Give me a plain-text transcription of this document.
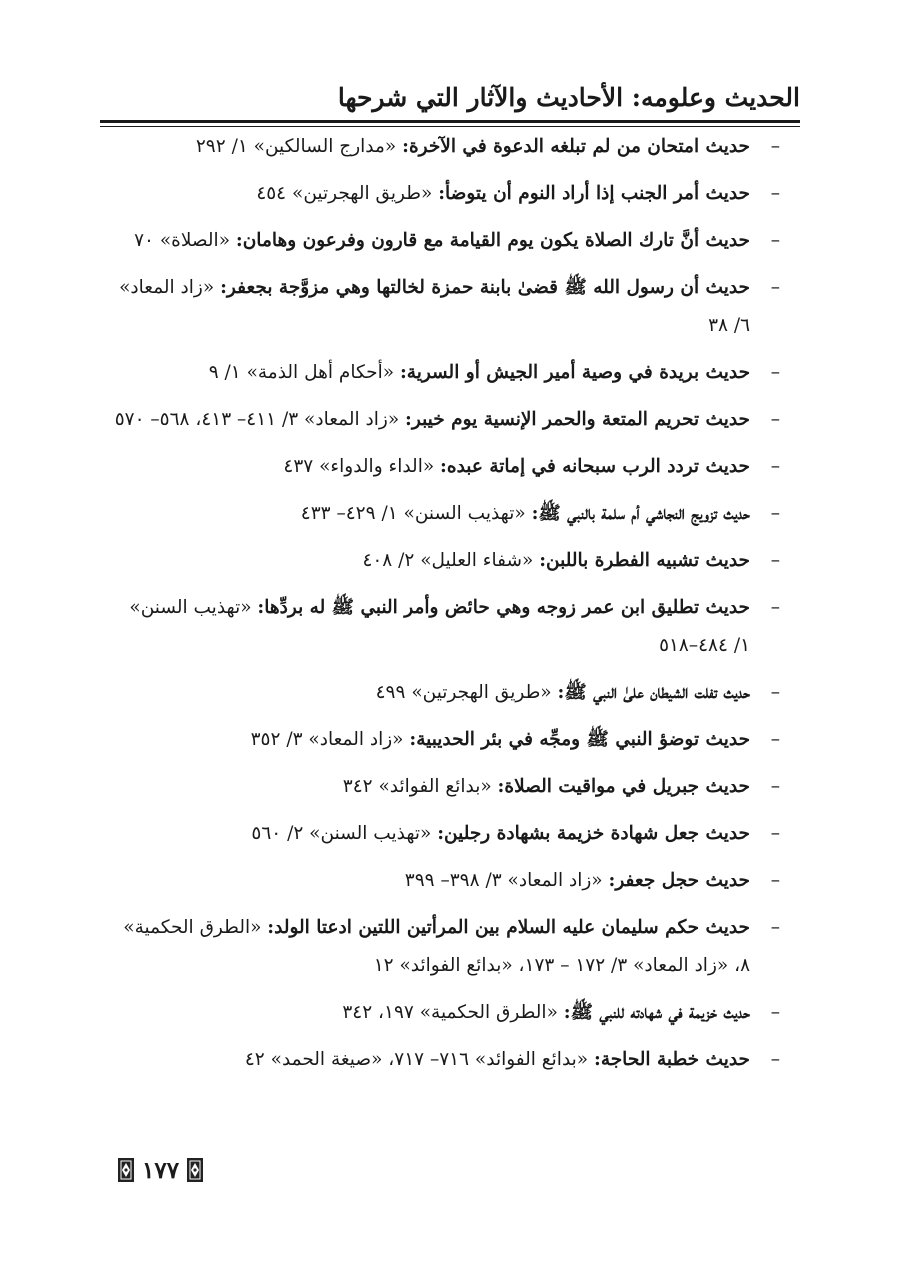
الحديث وعلومه: الأحاديث والآثار التي شرحها
–
حديث امتحان من لم تبلغه الدعوة في الآخرة: «مدارج السالكين» ١/ ٢٩٢
–
حديث أمر الجنب إذا أراد النوم أن يتوضأ: «طريق الهجرتين» ٤٥٤
–
حديث أنَّ تارك الصلاة يكون يوم القيامة مع قارون وفرعون وهامان: «الصلاة» ٧٠
–
حديث أن رسول الله ﷺ قضىٰ بابنة حمزة لخالتها وهي مزوَّجة بجعفر: «زاد المعاد» ٦/ ٣٨
–
حديث بريدة في وصية أمير الجيش أو السرية: «أحكام أهل الذمة» ١/ ٩
–
حديث تحريم المتعة والحمر الإنسية يوم خيبر: «زاد المعاد» ٣/ ٤١١– ٤١٣، ٥٦٨– ٥٧٠
–
حديث تردد الرب سبحانه في إماتة عبده: «الداء والدواء» ٤٣٧
–
حديث تزويج النجاشي أم سلمة بالنبي ﷺ: «تهذيب السنن» ١/ ٤٢٩– ٤٣٣
–
حديث تشبيه الفطرة باللبن: «شفاء العليل» ٢/ ٤٠٨
–
حديث تطليق ابن عمر زوجه وهي حائض وأمر النبي ﷺ له بردِّها: «تهذيب السنن» ١/ ٤٨٤–٥١٨
–
حديث تفلت الشيطان علىٰ النبي ﷺ: «طريق الهجرتين» ٤٩٩
–
حديث توضؤ النبي ﷺ ومجِّه في بئر الحديبية: «زاد المعاد» ٣/ ٣٥٢
–
حديث جبريل في مواقيت الصلاة: «بدائع الفوائد» ٣٤٢
–
حديث جعل شهادة خزيمة بشهادة رجلين: «تهذيب السنن» ٢/ ٥٦٠
–
حديث حجل جعفر: «زاد المعاد» ٣/ ٣٩٨– ٣٩٩
–
حديث حكم سليمان عليه السلام بين المرأتين اللتين ادعتا الولد: «الطرق الحكمية» ٨، «زاد المعاد» ٣/ ١٧٢ – ١٧٣، «بدائع الفوائد» ١٢
–
حديث خزيمة في شهادته للنبي ﷺ: «الطرق الحكمية» ١٩٧، ٣٤٢
–
حديث خطبة الحاجة: «بدائع الفوائد» ٧١٦– ٧١٧، «صيغة الحمد» ٤٢
١٧٧
